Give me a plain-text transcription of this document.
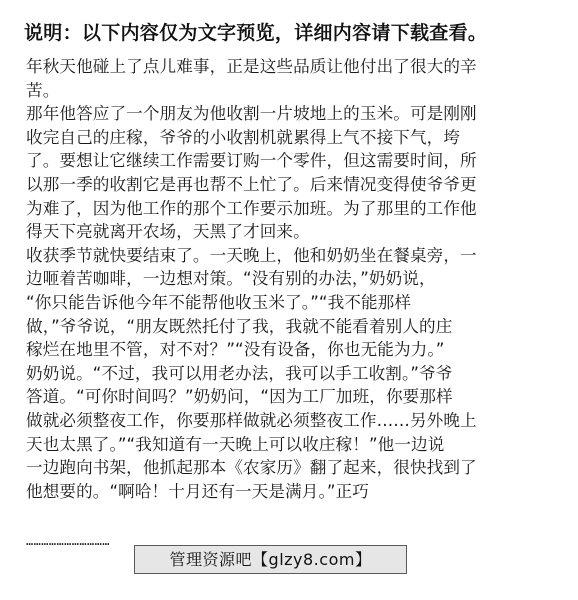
说明：以下内容仅为文字预览，详细内容请下载查看。
年秋天他碰上了点儿难事，正是这些品质让他付出了很大的辛
苦。
那年他答应了一个朋友为他收割一片坡地上的玉米。可是刚刚
收完自己的庄稼，爷爷的小收割机就累得上气不接下气，垮
了。要想让它继续工作需要订购一个零件，但这需要时间，所
以那一季的收割它是再也帮不上忙了。后来情况变得使爷爷更
为难了，因为他工作的那个工作要示加班。为了那里的工作他
得天下亮就离开农场，天黑了才回来。
收获季节就快要结束了。一天晚上，他和奶奶坐在餐桌旁，一
边咂着苦咖啡，一边想对策。“没有别的办法，”奶奶说，
“你只能告诉他今年不能帮他收玉米了。”“我不能那样
做，”爷爷说，“朋友既然托付了我，我就不能看着别人的庄
稼烂在地里不管，对不对？”“没有设备，你也无能为力。”
奶奶说。“不过，我可以用老办法，我可以手工收割。”爷爷
答道。“可你时间吗？”奶奶问，“因为工厂加班，你要那样
做就必须整夜工作，你要那样做就必须整夜工作……另外晚上
天也太黑了。”“我知道有一天晚上可以收庄稼！”他一边说
一边跑向书架，他抓起那本《农家历》翻了起来，很快找到了
他想要的。“啊哈！十月还有一天是满月。”正巧
……………………………
管理资源吧【glzy8.com】
